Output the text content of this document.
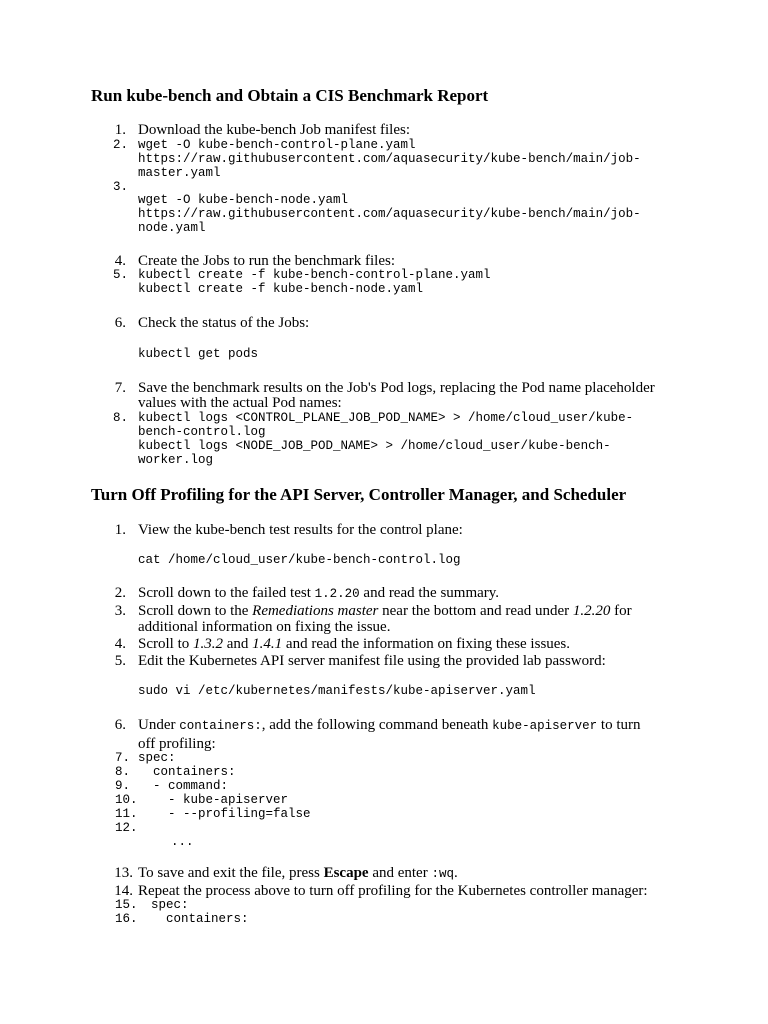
Run kube-bench and Obtain a CIS Benchmark Report
1. Download the kube-bench Job manifest files:
2. wget -O kube-bench-control-plane.yaml
https://raw.githubusercontent.com/aquasecurity/kube-bench/main/job-
master.yaml
3.
wget -O kube-bench-node.yaml
https://raw.githubusercontent.com/aquasecurity/kube-bench/main/job-
node.yaml
4. Create the Jobs to run the benchmark files:
5. kubectl create -f kube-bench-control-plane.yaml
kubectl create -f kube-bench-node.yaml
6. Check the status of the Jobs:
kubectl get pods
7. Save the benchmark results on the Job's Pod logs, replacing the Pod name placeholder
values with the actual Pod names:
8. kubectl logs <CONTROL_PLANE_JOB_POD_NAME> > /home/cloud_user/kube-
bench-control.log
kubectl logs <NODE_JOB_POD_NAME> > /home/cloud_user/kube-bench-
worker.log
Turn Off Profiling for the API Server, Controller Manager, and Scheduler
1. View the kube-bench test results for the control plane:
cat /home/cloud_user/kube-bench-control.log
2. Scroll down to the failed test 1.2.20 and read the summary.
3. Scroll down to the Remediations master near the bottom and read under 1.2.20 for
additional information on fixing the issue.
4. Scroll to 1.3.2 and 1.4.1 and read the information on fixing these issues.
5. Edit the Kubernetes API server manifest file using the provided lab password:
sudo vi /etc/kubernetes/manifests/kube-apiserver.yaml
6. Under containers:, add the following command beneath kube-apiserver to turn
off profiling:
7.
8.
9.
10.
11.
12.
spec:
containers:
- command:
- kube-apiserver
- --profiling=false

...
13. To save and exit the file, press Escape and enter :wq.
14. Repeat the process above to turn off profiling for the Kubernetes controller manager:
15.
16.
spec:
containers:
